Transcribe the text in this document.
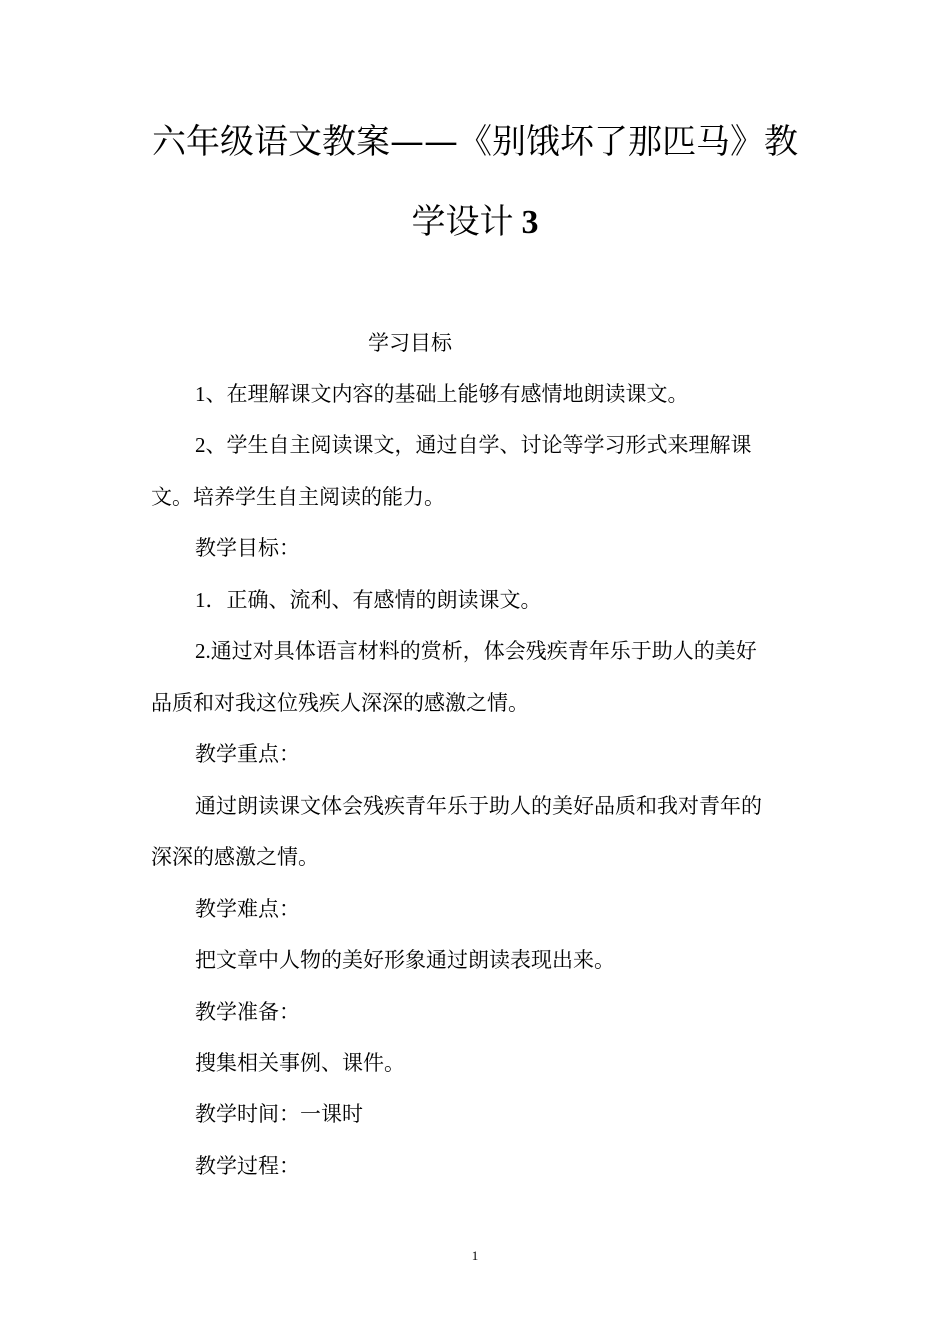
六年级语文教案——《别饿坏了那匹马》教
学设计 3
学习目标
1、在理解课文内容的基础上能够有感情地朗读课文。
2、学生自主阅读课文，通过自学、讨论等学习形式来理解课
文。培养学生自主阅读的能力。
教学目标：
1．正确、流利、有感情的朗读课文。
2.通过对具体语言材料的赏析，体会残疾青年乐于助人的美好
品质和对我这位残疾人深深的感激之情。
教学重点：
通过朗读课文体会残疾青年乐于助人的美好品质和我对青年的
深深的感激之情。
教学难点：
把文章中人物的美好形象通过朗读表现出来。
教学准备：
搜集相关事例、课件。
教学时间：一课时
教学过程：
1
